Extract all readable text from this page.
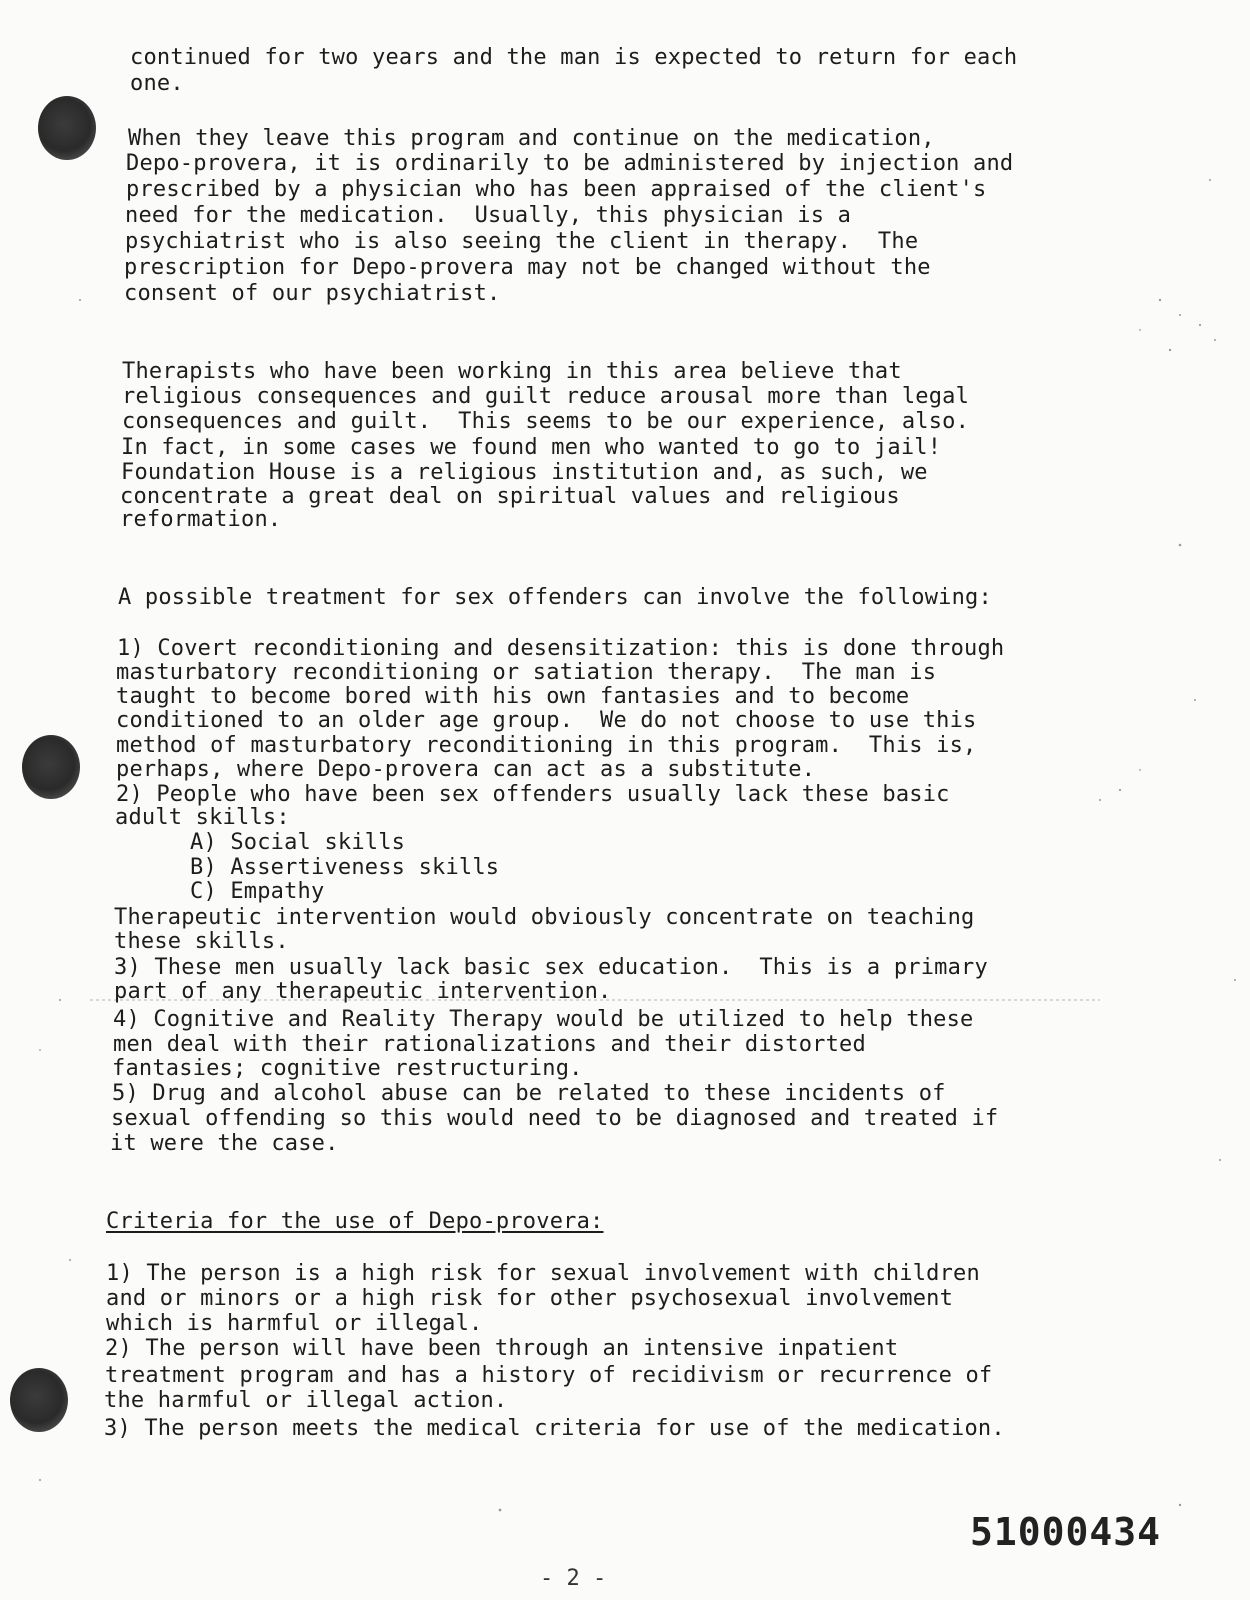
continued for two years and the man is expected to return for each
one.
When they leave this program and continue on the medication,
Depo-provera, it is ordinarily to be administered by injection and
prescribed by a physician who has been appraised of the client's
need for the medication.  Usually, this physician is a
psychiatrist who is also seeing the client in therapy.  The
prescription for Depo-provera may not be changed without the
consent of our psychiatrist.
Therapists who have been working in this area believe that
religious consequences and guilt reduce arousal more than legal
consequences and guilt.  This seems to be our experience, also.
In fact, in some cases we found men who wanted to go to jail!
Foundation House is a religious institution and, as such, we
concentrate a great deal on spiritual values and religious
reformation.
A possible treatment for sex offenders can involve the following:
1) Covert reconditioning and desensitization: this is done through
masturbatory reconditioning or satiation therapy.  The man is
taught to become bored with his own fantasies and to become
conditioned to an older age group.  We do not choose to use this
method of masturbatory reconditioning in this program.  This is,
perhaps, where Depo-provera can act as a substitute.
2) People who have been sex offenders usually lack these basic
adult skills:
A) Social skills
B) Assertiveness skills
C) Empathy
Therapeutic intervention would obviously concentrate on teaching
these skills.
3) These men usually lack basic sex education.  This is a primary
part of any therapeutic intervention.
4) Cognitive and Reality Therapy would be utilized to help these
men deal with their rationalizations and their distorted
fantasies; cognitive restructuring.
5) Drug and alcohol abuse can be related to these incidents of
sexual offending so this would need to be diagnosed and treated if
it were the case.
Criteria for the use of Depo-provera:
1) The person is a high risk for sexual involvement with children
and or minors or a high risk for other psychosexual involvement
which is harmful or illegal.
2) The person will have been through an intensive inpatient
treatment program and has a history of recidivism or recurrence of
the harmful or illegal action.
3) The person meets the medical criteria for use of the medication.
51000434
- 2 -
